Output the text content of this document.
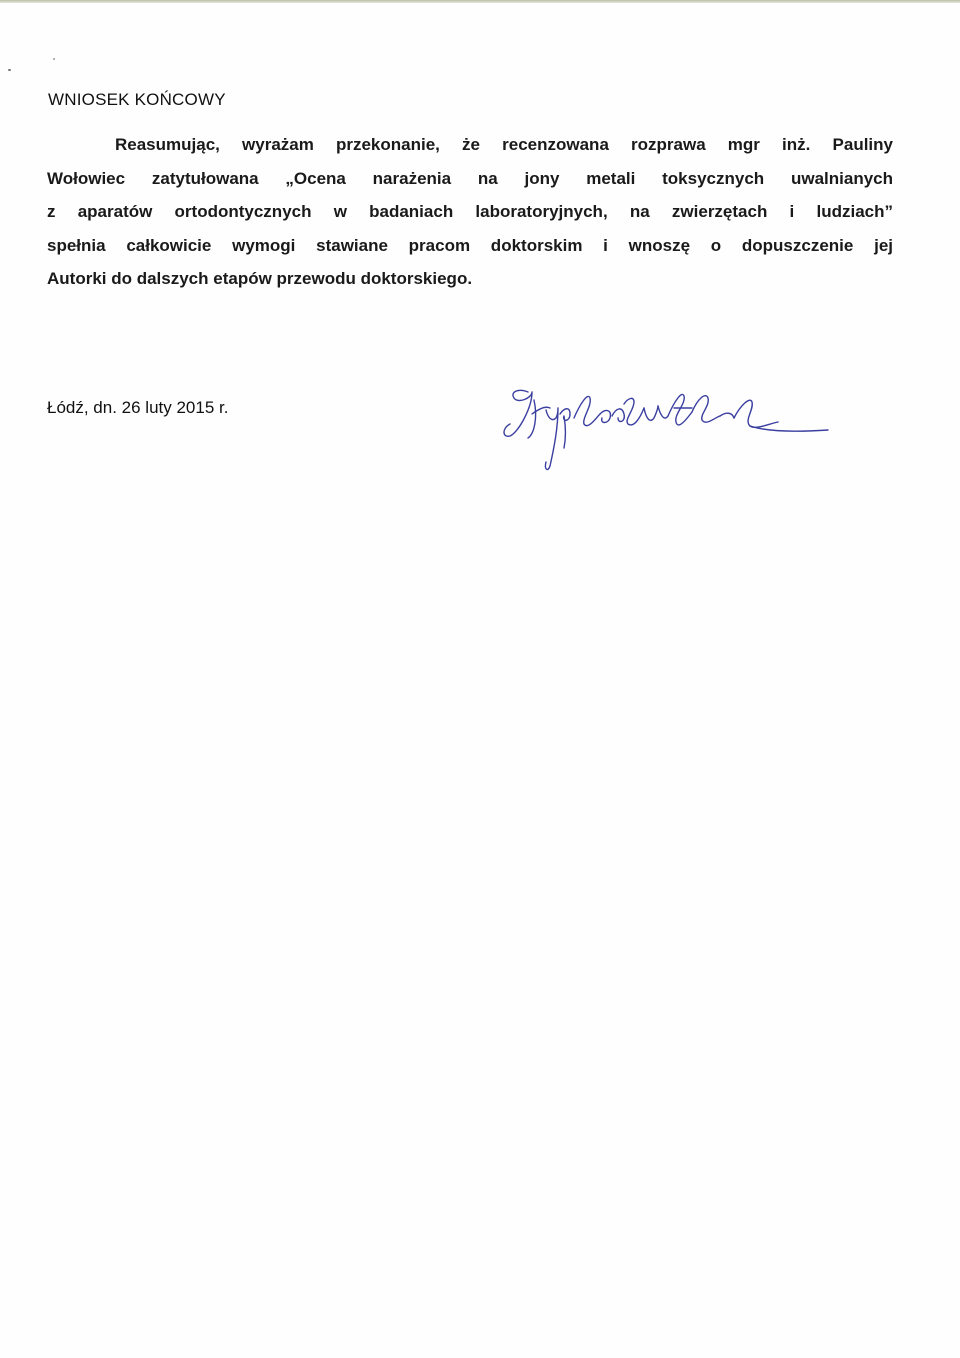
WNIOSEK KOŃCOWY
Reasumując, wyrażam przekonanie, że recenzowana rozprawa mgr inż. Pauliny
Wołowiec zatytułowana „Ocena narażenia na jony metali toksycznych uwalnianych
z aparatów ortodontycznych w badaniach laboratoryjnych, na zwierzętach i ludziach”
spełnia całkowicie wymogi stawiane pracom doktorskim i wnoszę o dopuszczenie jej
Autorki do dalszych etapów przewodu doktorskiego.
Łódź, dn. 26 luty 2015 r.
